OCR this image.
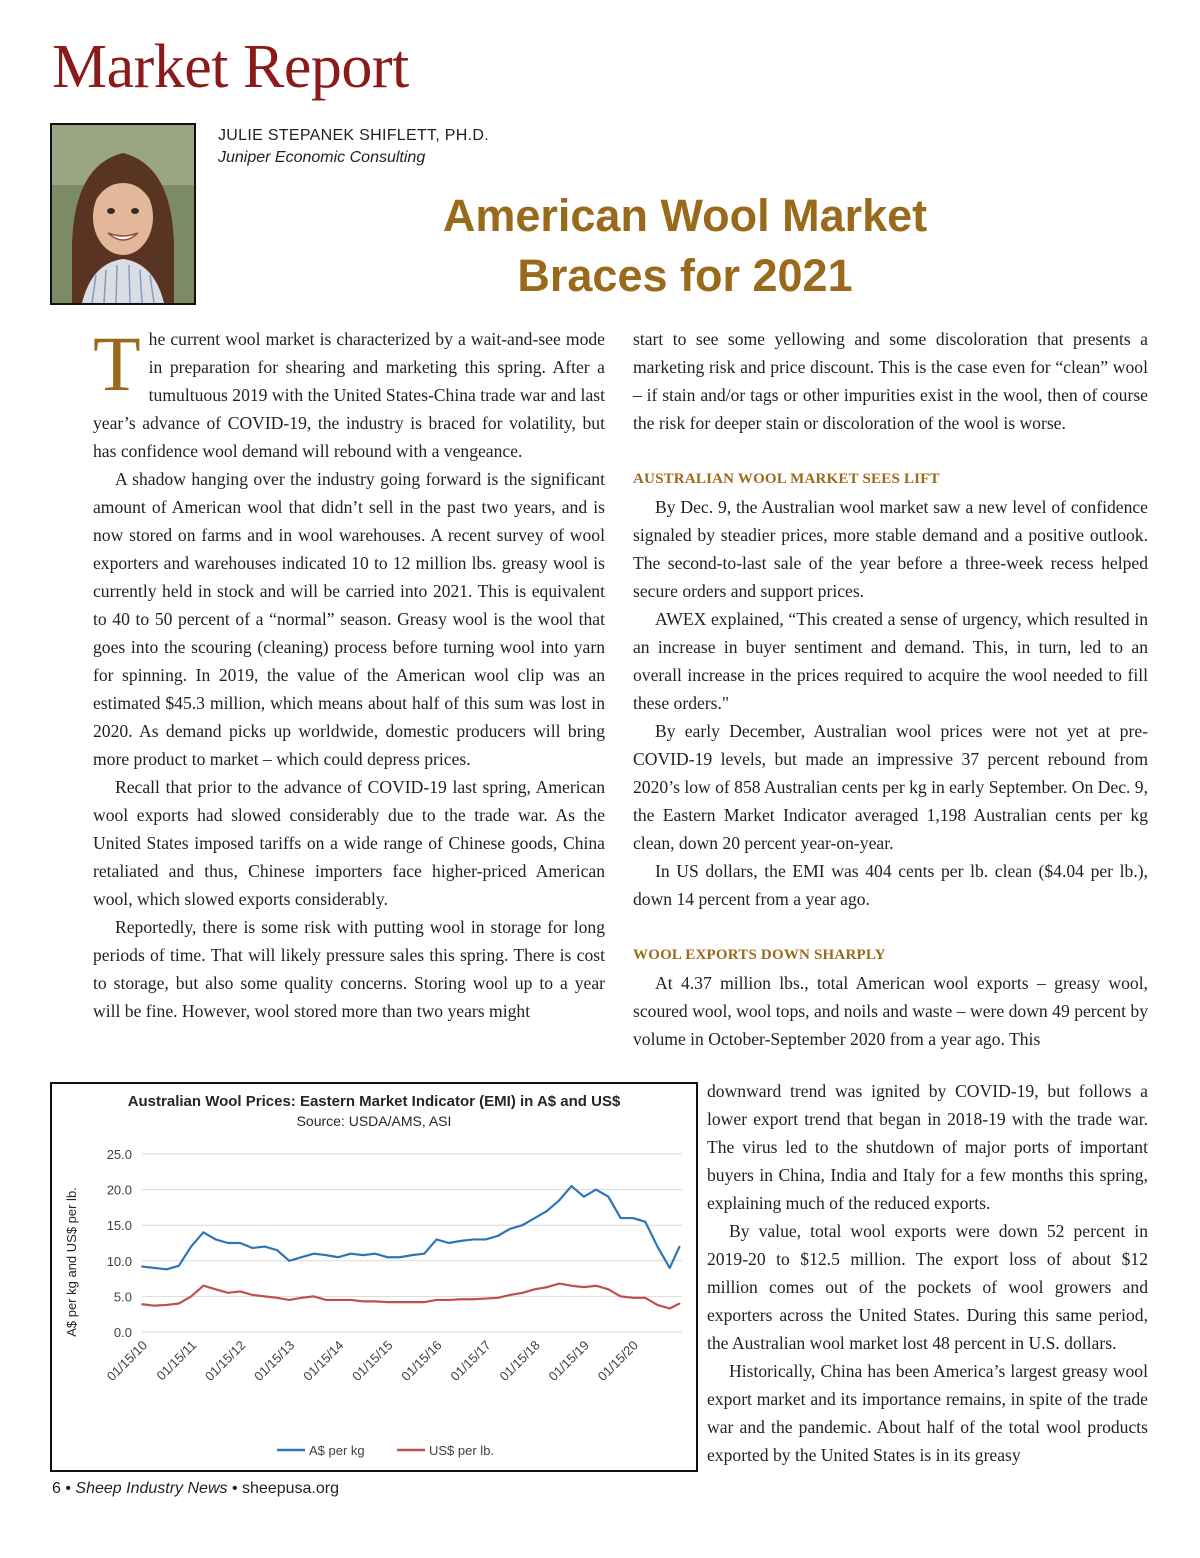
Market Report
JULIE STEPANEK SHIFLETT, PH.D.
Juniper Economic Consulting
American Wool Market
Braces for 2021

The current wool market is characterized by a wait-and-see mode in preparation for shearing and marketing this spring. After a tumultuous 2019 with the United States-China trade war and last year’s advance of COVID-19, the industry is braced for volatility, but has confidence wool demand will rebound with a vengeance.

A shadow hanging over the industry going forward is the significant amount of American wool that didn’t sell in the past two years, and is now stored on farms and in wool warehouses. A recent survey of wool exporters and warehouses indicated 10 to 12 million lbs. greasy wool is currently held in stock and will be carried into 2021. This is equivalent to 40 to 50 percent of a “normal” season. Greasy wool is the wool that goes into the scouring (cleaning) process before turning wool into yarn for spinning. In 2019, the value of the American wool clip was an estimated $45.3 million, which means about half of this sum was lost in 2020. As demand picks up worldwide, domestic producers will bring more product to market – which could depress prices.

Recall that prior to the advance of COVID-19 last spring, American wool exports had slowed considerably due to the trade war. As the United States imposed tariffs on a wide range of Chinese goods, China retaliated and thus, Chinese importers face higher-priced American wool, which slowed exports considerably.

Reportedly, there is some risk with putting wool in storage for long periods of time. That will likely pressure sales this spring. There is cost to storage, but also some quality concerns. Storing wool up to a year will be fine. However, wool stored more than two years might

start to see some yellowing and some discoloration that presents a marketing risk and price discount. This is the case even for “clean” wool – if stain and/or tags or other impurities exist in the wool, then of course the risk for deeper stain or discoloration of the wool is worse.

AUSTRALIAN WOOL MARKET SEES LIFT

By Dec. 9, the Australian wool market saw a new level of confidence signaled by steadier prices, more stable demand and a positive outlook. The second-to-last sale of the year before a three-week recess helped secure orders and support prices.

AWEX explained, “This created a sense of urgency, which resulted in an increase in buyer sentiment and demand. This, in turn, led to an overall increase in the prices required to acquire the wool needed to fill these orders."

By early December, Australian wool prices were not yet at pre-COVID-19 levels, but made an impressive 37 percent rebound from 2020’s low of 858 Australian cents per kg in early September. On Dec. 9, the Eastern Market Indicator averaged 1,198 Australian cents per kg clean, down 20 percent year-on-year.

In US dollars, the EMI was 404 cents per lb. clean ($4.04 per lb.), down 14 percent from a year ago.

WOOL EXPORTS DOWN SHARPLY

At 4.37 million lbs., total American wool exports – greasy wool, scoured wool, wool tops, and noils and waste – were down 49 percent by volume in October-September 2020 from a year ago. This

downward trend was ignited by COVID-19, but follows a lower export trend that began in 2018-19 with the trade war. The virus led to the shutdown of major ports of important buyers in China, India and Italy for a few months this spring, explaining much of the reduced exports.

By value, total wool exports were down 52 percent in 2019-20 to $12.5 million. The export loss of about $12 million comes out of the pockets of wool growers and exporters across the United States. During this same period, the Australian wool market lost 48 percent in U.S. dollars.

Historically, China has been America’s largest greasy wool export market and its importance remains, in spite of the trade war and the pandemic. About half of the total wool products exported by the United States is in its greasy

Australian Wool Prices: Eastern Market Indicator (EMI) in A$ and US$
Source: USDA/AMS, ASI
A$ per kg and US$ per lb.
25.0
20.0
15.0
10.0
5.0
0.0
01/15/10 01/15/11 01/15/12 01/15/13 01/15/14 01/15/15 01/15/16 01/15/17 01/15/18 01/15/19 01/15/20
A$ per kg	US$ per lb.
6 • Sheep Industry News • sheepusa.org
